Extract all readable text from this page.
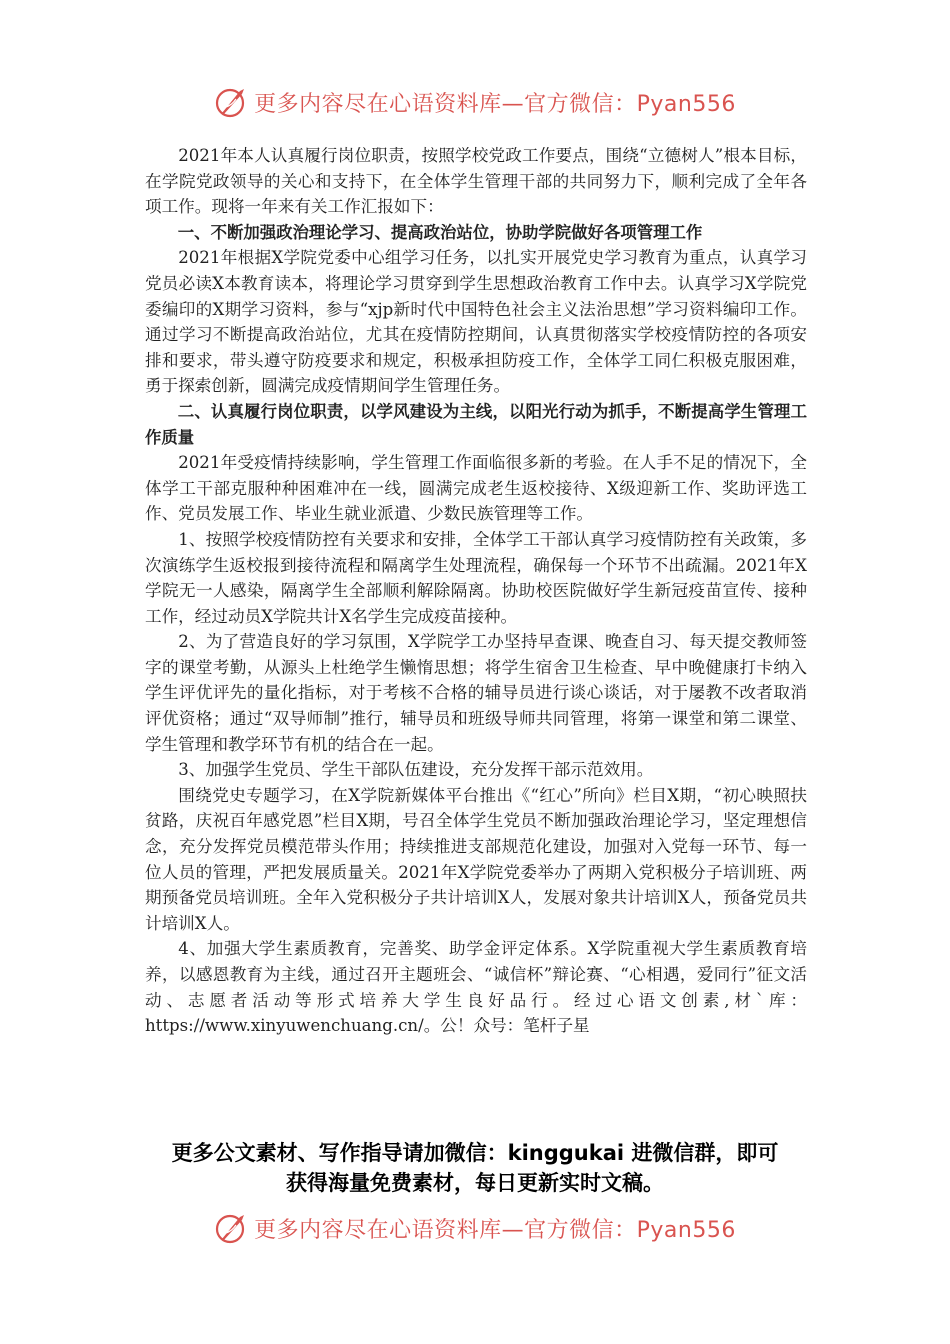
更多内容尽在心语资料库—官方微信：Pyan556

2021年本人认真履行岗位职责，按照学校党政工作要点，围绕“立德树人”根本目标，在学院党政领导的关心和支持下，在全体学生管理干部的共同努力下，顺利完成了全年各项工作。现将一年来有关工作汇报如下：

一、不断加强政治理论学习、提高政治站位，协助学院做好各项管理工作

2021年根据X学院党委中心组学习任务，以扎实开展党史学习教育为重点，认真学习党员必读X本教育读本，将理论学习贯穿到学生思想政治教育工作中去。认真学习X学院党委编印的X期学习资料，参与“xjp新时代中国特色社会主义法治思想”学习资料编印工作。通过学习不断提高政治站位，尤其在疫情防控期间，认真贯彻落实学校疫情防控的各项安排和要求，带头遵守防疫要求和规定，积极承担防疫工作，全体学工同仁积极克服困难，勇于探索创新，圆满完成疫情期间学生管理任务。

二、认真履行岗位职责，以学风建设为主线，以阳光行动为抓手，不断提高学生管理工作质量

2021年受疫情持续影响，学生管理工作面临很多新的考验。在人手不足的情况下，全体学工干部克服种种困难冲在一线，圆满完成老生返校接待、X级迎新工作、奖助评选工作、党员发展工作、毕业生就业派遣、少数民族管理等工作。

1、按照学校疫情防控有关要求和安排，全体学工干部认真学习疫情防控有关政策，多次演练学生返校报到接待流程和隔离学生处理流程，确保每一个环节不出疏漏。2021年X学院无一人感染，隔离学生全部顺利解除隔离。协助校医院做好学生新冠疫苗宣传、接种工作，经过动员X学院共计X名学生完成疫苗接种。

2、为了营造良好的学习氛围，X学院学工办坚持早查课、晚查自习、每天提交教师签字的课堂考勤，从源头上杜绝学生懒惰思想；将学生宿舍卫生检查、早中晚健康打卡纳入学生评优评先的量化指标，对于考核不合格的辅导员进行谈心谈话，对于屡教不改者取消评优资格；通过“双导师制”推行，辅导员和班级导师共同管理，将第一课堂和第二课堂、学生管理和教学环节有机的结合在一起。

3、加强学生党员、学生干部队伍建设，充分发挥干部示范效用。

围绕党史专题学习，在X学院新媒体平台推出《“红心”所向》栏目X期，“初心映照扶贫路，庆祝百年感党恩”栏目X期，号召全体学生党员不断加强政治理论学习，坚定理想信念，充分发挥党员模范带头作用；持续推进支部规范化建设，加强对入党每一环节、每一位人员的管理，严把发展质量关。2021年X学院党委举办了两期入党积极分子培训班、两期预备党员培训班。全年入党积极分子共计培训X人，发展对象共计培训X人，预备党员共计培训X人。

4、加强大学生素质教育，完善奖、助学金评定体系。X学院重视大学生素质教育培养，以感恩教育为主线，通过召开主题班会、“诚信杯”辩论赛、“心相遇，爱同行”征文活动、志愿者活动等形式培养大学生良好品行。经过心语文创素,材`库：https://www.xinyuwenchuang.cn/。公！众号：笔杆子星

更多公文素材、写作指导请加微信：kinggukai 进微信群，即可
获得海量免费素材，每日更新实时文稿。
更多内容尽在心语资料库—官方微信：Pyan556
